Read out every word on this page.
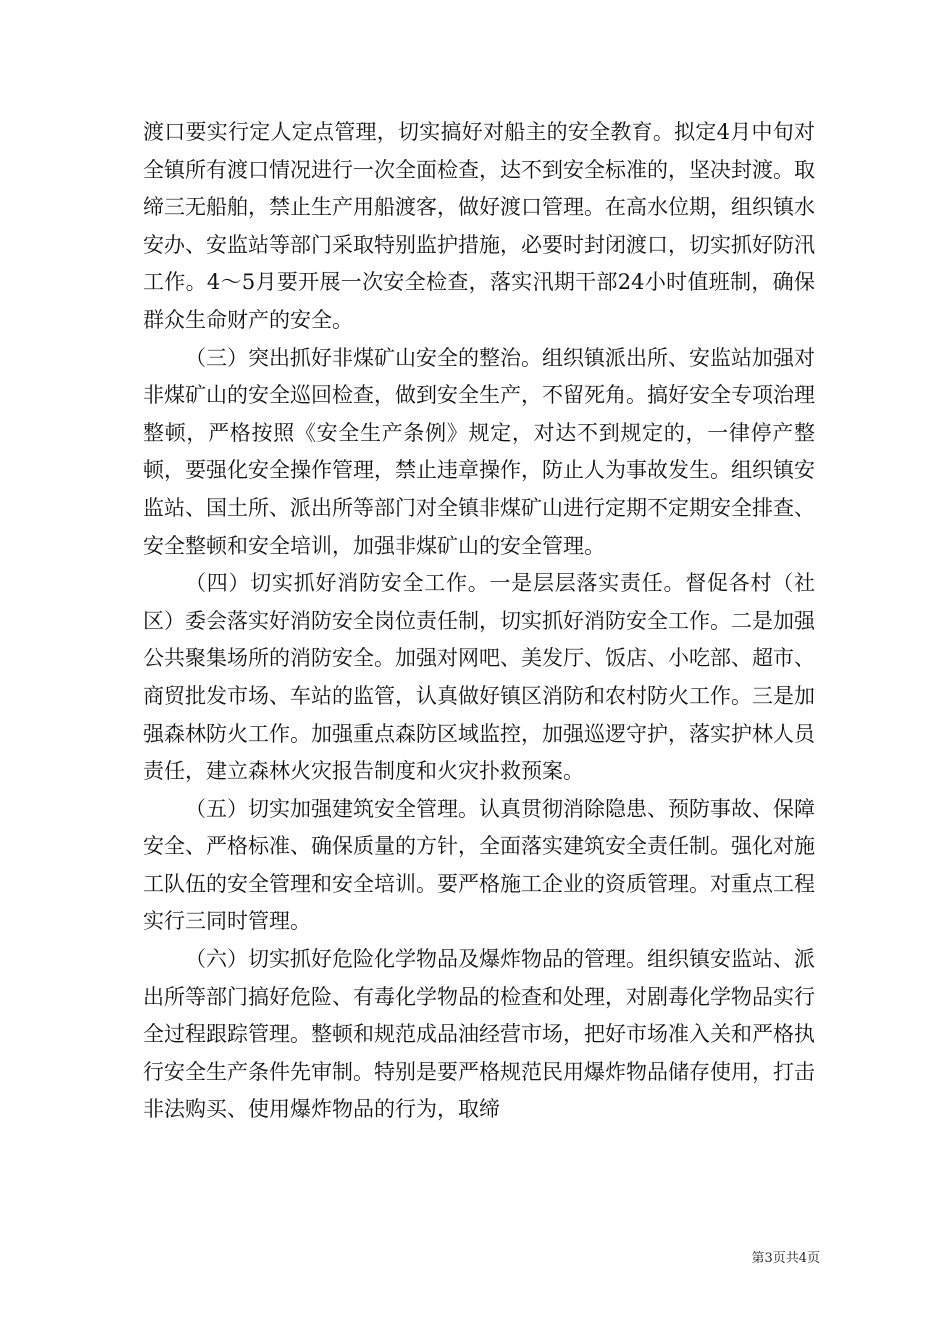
渡口要实行定人定点管理，切实搞好对船主的安全教育。拟定4月中旬对全镇所有渡口情况进行一次全面检查，达不到安全标准的，坚决封渡。取缔三无船舶，禁止生产用船渡客，做好渡口管理。在高水位期，组织镇水安办、安监站等部门采取特别监护措施，必要时封闭渡口，切实抓好防汛工作。4～5月要开展一次安全检查，落实汛期干部24小时值班制，确保群众生命财产的安全。

（三）突出抓好非煤矿山安全的整治。组织镇派出所、安监站加强对非煤矿山的安全巡回检查，做到安全生产，不留死角。搞好安全专项治理整顿，严格按照《安全生产条例》规定，对达不到规定的，一律停产整顿，要强化安全操作管理，禁止违章操作，防止人为事故发生。组织镇安监站、国土所、派出所等部门对全镇非煤矿山进行定期不定期安全排查、安全整顿和安全培训，加强非煤矿山的安全管理。

（四）切实抓好消防安全工作。一是层层落实责任。督促各村（社区）委会落实好消防安全岗位责任制，切实抓好消防安全工作。二是加强公共聚集场所的消防安全。加强对网吧、美发厅、饭店、小吃部、超市、商贸批发市场、车站的监管，认真做好镇区消防和农村防火工作。三是加强森林防火工作。加强重点森防区域监控，加强巡逻守护，落实护林人员责任，建立森林火灾报告制度和火灾扑救预案。

（五）切实加强建筑安全管理。认真贯彻消除隐患、预防事故、保障安全、严格标准、确保质量的方针，全面落实建筑安全责任制。强化对施工队伍的安全管理和安全培训。要严格施工企业的资质管理。对重点工程实行三同时管理。

（六）切实抓好危险化学物品及爆炸物品的管理。组织镇安监站、派出所等部门搞好危险、有毒化学物品的检查和处理，对剧毒化学物品实行全过程跟踪管理。整顿和规范成品油经营市场，把好市场准入关和严格执行安全生产条件先审制。特别是要严格规范民用爆炸物品储存使用，打击非法购买、使用爆炸物品的行为，取缔

第3页共4页
